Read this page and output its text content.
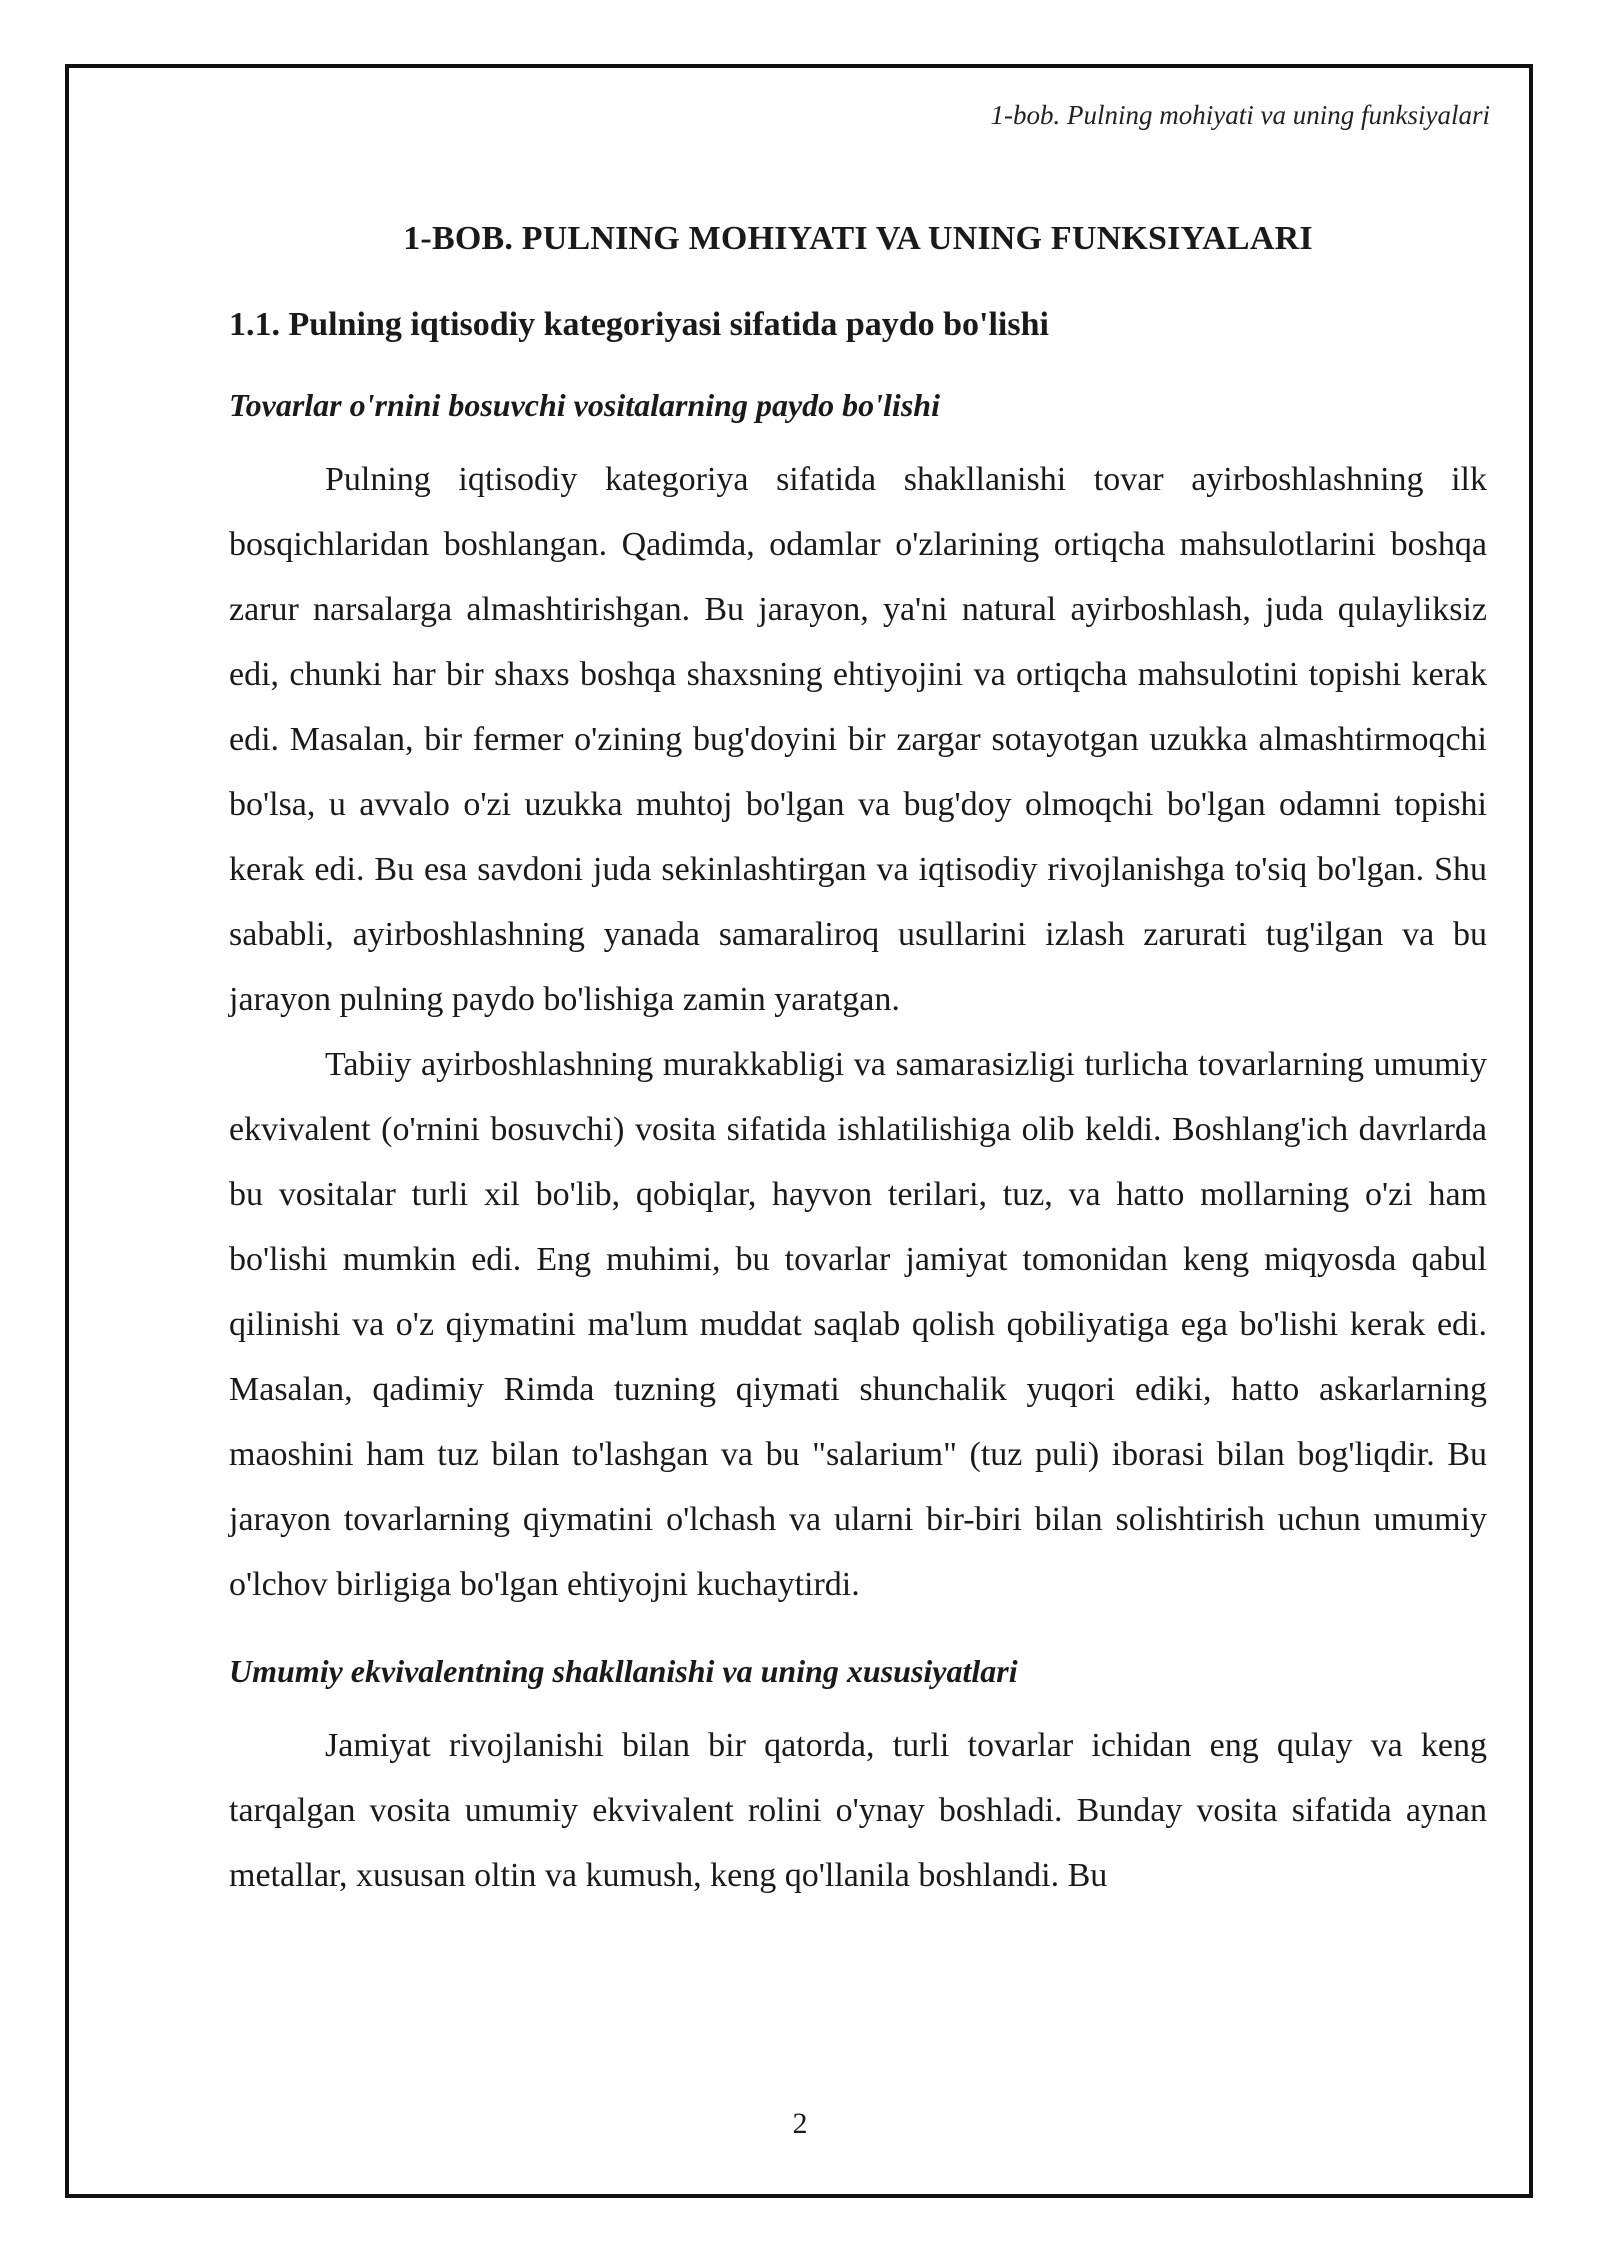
1-bob. Pulning mohiyati va uning funksiyalari
1-BOB. PULNING MOHIYATI VA UNING FUNKSIYALARI
1.1. Pulning iqtisodiy kategoriyasi sifatida paydo bo'lishi
Tovarlar o'rnini bosuvchi vositalarning paydo bo'lishi

Pulning iqtisodiy kategoriya sifatida shakllanishi tovar ayirboshlashning ilk bosqichlaridan boshlangan. Qadimda, odamlar o'zlarining ortiqcha mahsulotlarini boshqa zarur narsalarga almashtirishgan. Bu jarayon, ya'ni natural ayirboshlash, juda qulayliksiz edi, chunki har bir shaxs boshqa shaxsning ehtiyojini va ortiqcha mahsulotini topishi kerak edi. Masalan, bir fermer o'zining bug'doyini bir zargar sotayotgan uzukka almashtirmoqchi bo'lsa, u avvalo o'zi uzukka muhtoj bo'lgan va bug'doy olmoqchi bo'lgan odamni topishi kerak edi. Bu esa savdoni juda sekinlashtirgan va iqtisodiy rivojlanishga to'siq bo'lgan. Shu sababli, ayirboshlashning yanada samaraliroq usullarini izlash zarurati tug'ilgan va bu jarayon pulning paydo bo'lishiga zamin yaratgan.

Tabiiy ayirboshlashning murakkabligi va samarasizligi turlicha tovarlarning umumiy ekvivalent (o'rnini bosuvchi) vosita sifatida ishlatilishiga olib keldi. Boshlang'ich davrlarda bu vositalar turli xil bo'lib, qobiqlar, hayvon terilari, tuz, va hatto mollarning o'zi ham bo'lishi mumkin edi. Eng muhimi, bu tovarlar jamiyat tomonidan keng miqyosda qabul qilinishi va o'z qiymatini ma'lum muddat saqlab qolish qobiliyatiga ega bo'lishi kerak edi. Masalan, qadimiy Rimda tuzning qiymati shunchalik yuqori ediki, hatto askarlarning maoshini ham tuz bilan to'lashgan va bu "salarium" (tuz puli) iborasi bilan bog'liqdir. Bu jarayon tovarlarning qiymatini o'lchash va ularni bir-biri bilan solishtirish uchun umumiy o'lchov birligiga bo'lgan ehtiyojni kuchaytirdi.

Umumiy ekvivalentning shakllanishi va uning xususiyatlari

Jamiyat rivojlanishi bilan bir qatorda, turli tovarlar ichidan eng qulay va keng tarqalgan vosita umumiy ekvivalent rolini o'ynay boshladi. Bunday vosita sifatida aynan metallar, xususan oltin va kumush, keng qo'llanila boshlandi. Bu

2
